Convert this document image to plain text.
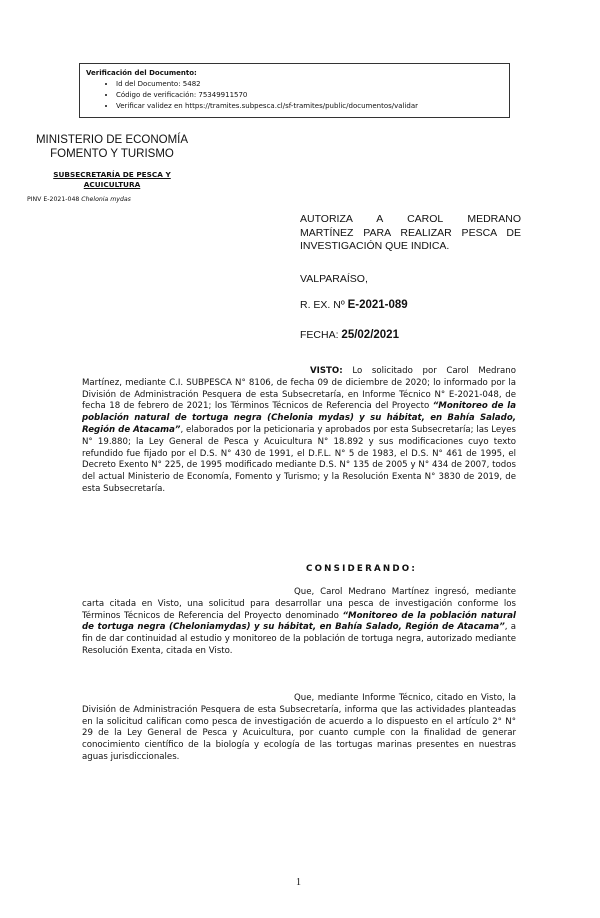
Verificación del Documento:
• Id del Documento: 5482
• Código de verificación: 75349911570
• Verificar validez en https://tramites.subpesca.cl/sf-tramites/public/documentos/validar
MINISTERIO DE ECONOMÍA
FOMENTO Y TURISMO
SUBSECRETARÍA DE PESCA Y
ACUICULTURA
PINV E-2021-048 Chelonia mydas
AUTORIZA A CAROL MEDRANO
MARTÍNEZ PARA REALIZAR PESCA DE INVESTIGACIÓN QUE INDICA.
VALPARAÍSO,
R. EX. Nº E-2021-089
FECHA: 25/02/2021

VISTO: Lo solicitado por Carol Medrano Martínez, mediante C.I. SUBPESCA N° 8106, de fecha 09 de diciembre de 2020; lo informado por la División de Administración Pesquera de esta Subsecretaría, en Informe Técnico N° E-2021-048, de fecha 18 de febrero de 2021; los Términos Técnicos de Referencia del Proyecto “Monitoreo de la población natural de tortuga negra (Chelonia mydas) y su hábitat, en Bahía Salado, Región de Atacama”, elaborados por la peticionaria y aprobados por esta Subsecretaría; las Leyes N° 19.880; la Ley General de Pesca y Acuicultura N° 18.892 y sus modificaciones cuyo texto refundido fue fijado por el D.S. N° 430 de 1991, el D.F.L. N° 5 de 1983, el D.S. N° 461 de 1995, el Decreto Exento N° 225, de 1995 modificado mediante D.S. N° 135 de 2005 y N° 434 de 2007, todos del actual Ministerio de Economía, Fomento y Turismo; y la Resolución Exenta N° 3830 de 2019, de esta Subsecretaría.

CONSIDERANDO:

Que, Carol Medrano Martínez ingresó, mediante carta citada en Visto, una solicitud para desarrollar una pesca de investigación conforme los Términos Técnicos de Referencia del Proyecto denominado “Monitoreo de la población natural de tortuga negra (Cheloniamydas) y su hábitat, en Bahía Salado, Región de Atacama”, a fin de dar continuidad al estudio y monitoreo de la población de tortuga negra, autorizado mediante Resolución Exenta, citada en Visto.

Que, mediante Informe Técnico, citado en Visto, la División de Administración Pesquera de esta Subsecretaría, informa que las actividades planteadas en la solicitud califican como pesca de investigación de acuerdo a lo dispuesto en el artículo 2° N° 29 de la Ley General de Pesca y Acuicultura, por cuanto cumple con la finalidad de generar conocimiento científico de la biología y ecología de las tortugas marinas presentes en nuestras aguas jurisdiccionales.

1
